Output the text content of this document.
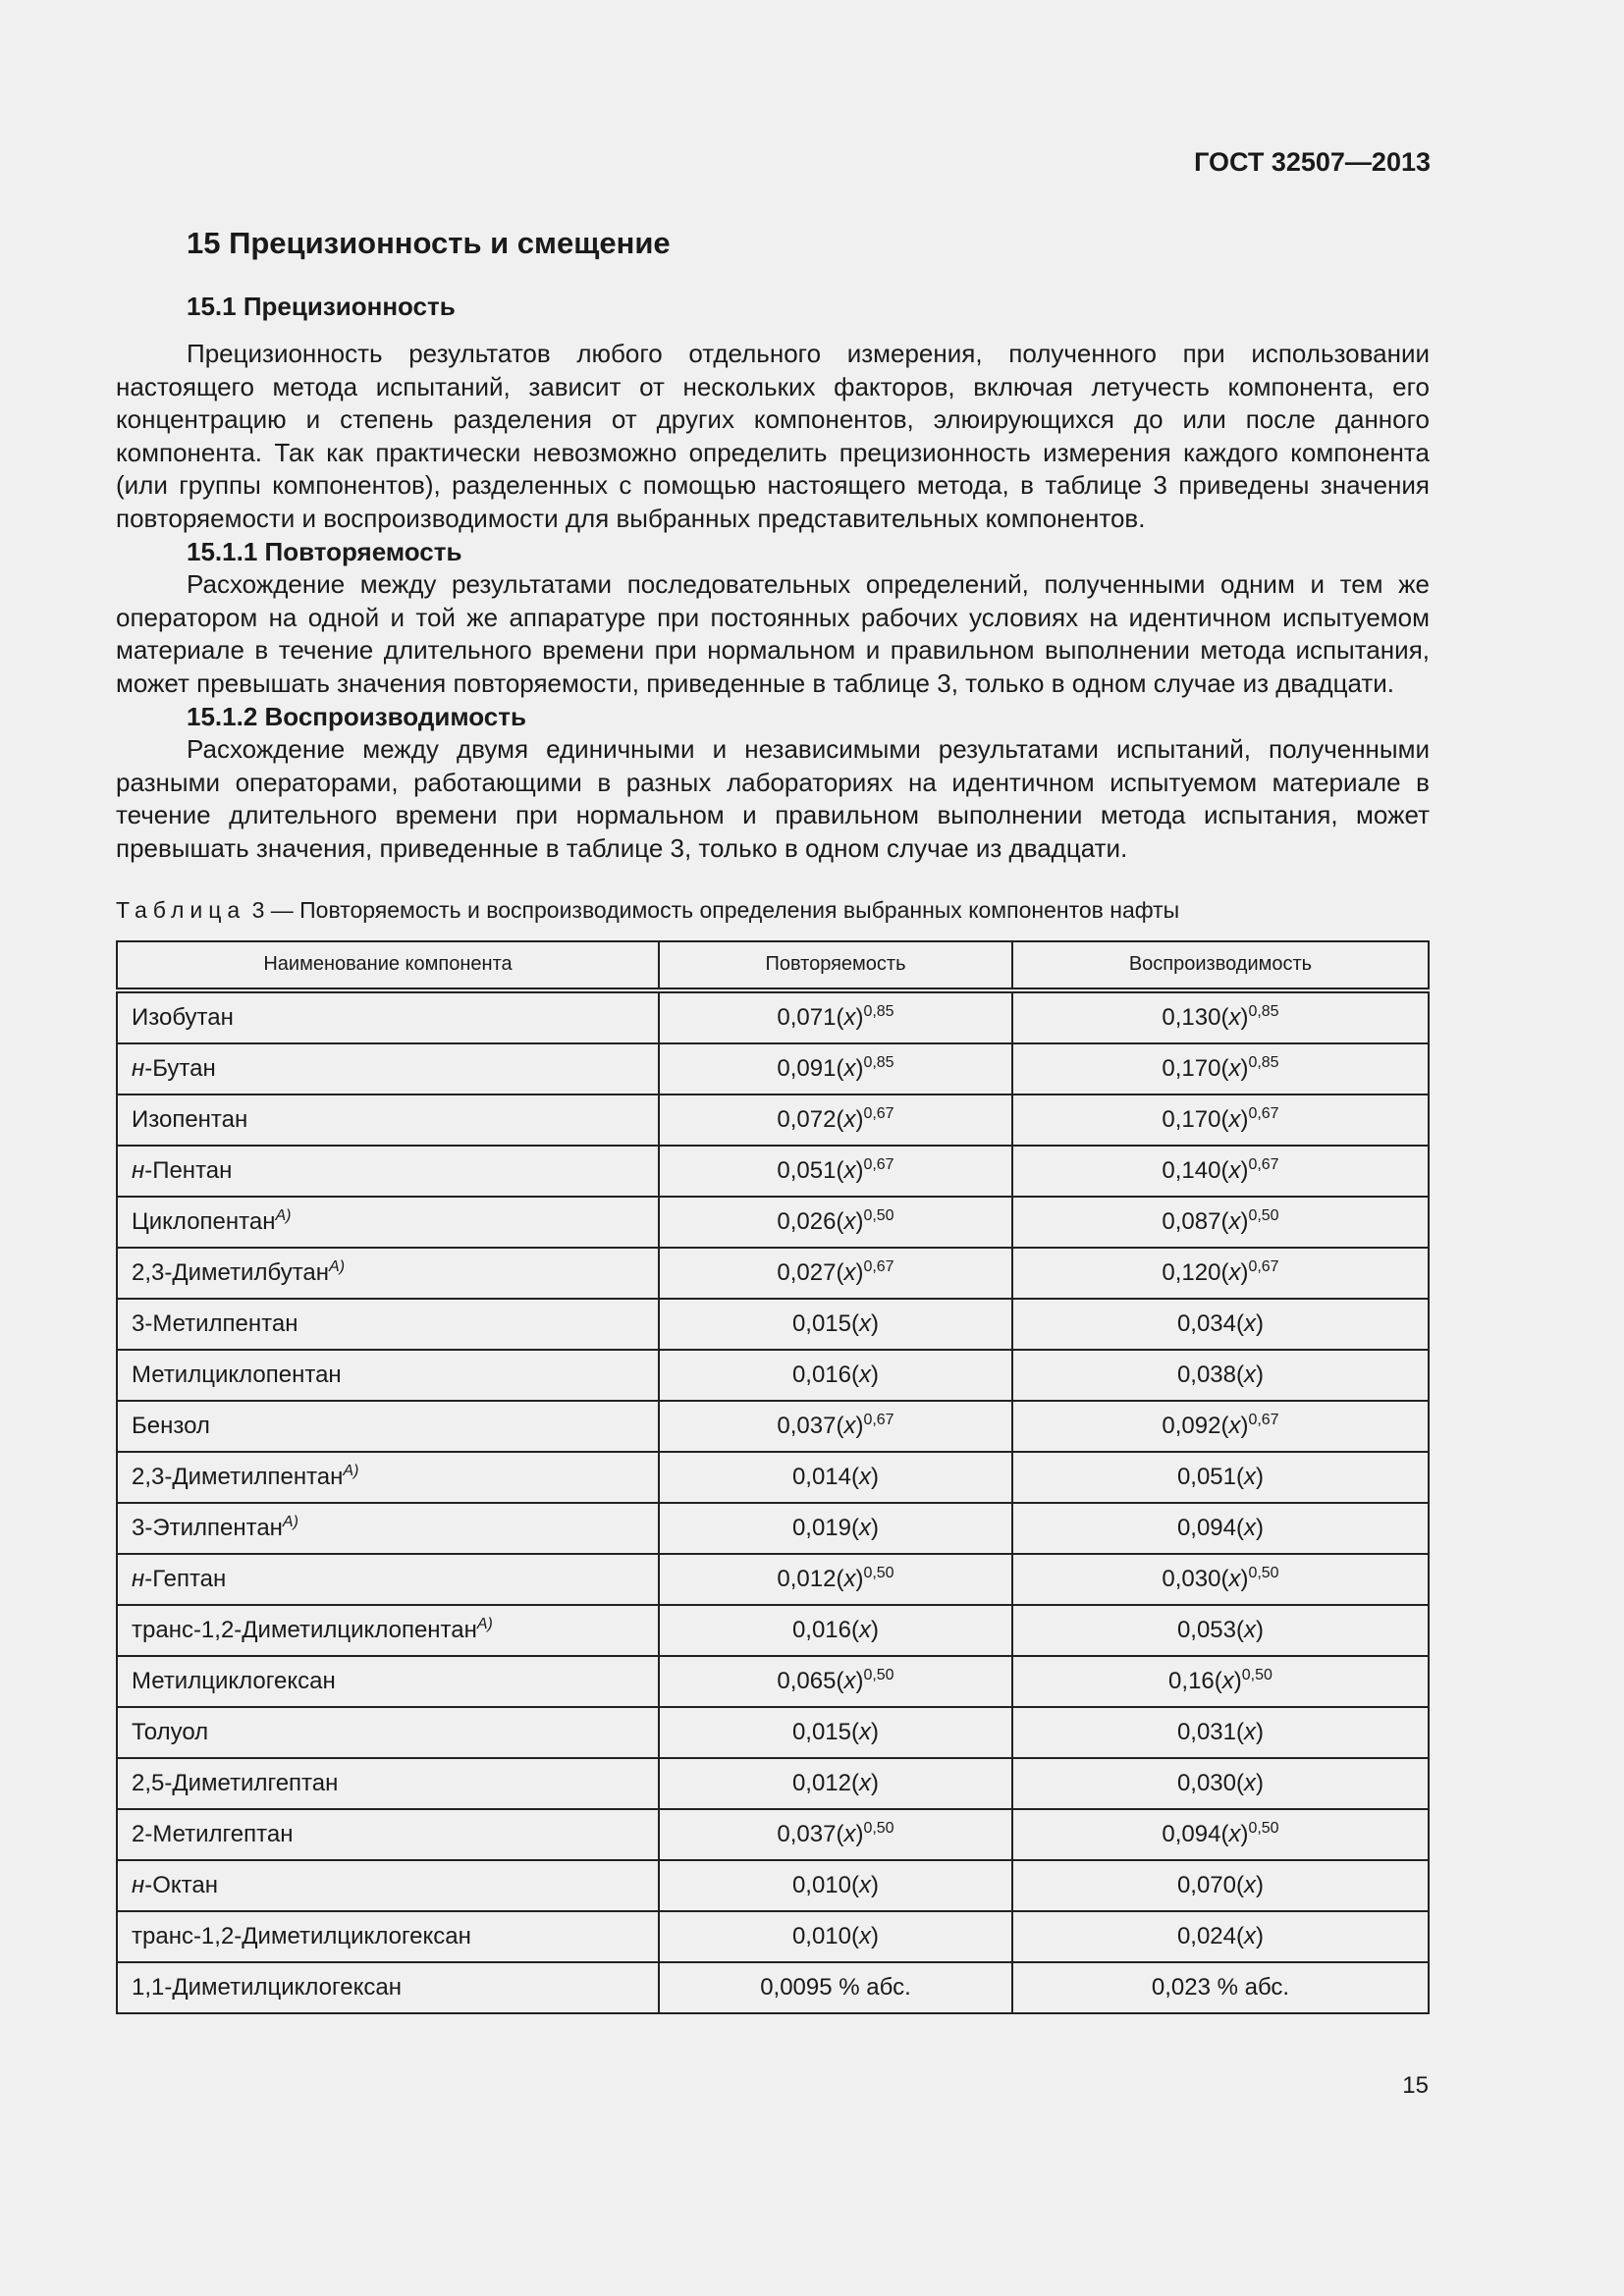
ГОСТ 32507—2013
15 Прецизионность и смещение
15.1 Прецизионность

Прецизионность результатов любого отдельного измерения, полученного при использовании настоящего метода испытаний, зависит от нескольких факторов, включая летучесть компонента, его концентрацию и степень разделения от других компонентов, элюирующихся до или после данного компонента. Так как практически невозможно определить прецизионность измерения каждого компонента (или группы компонентов), разделенных с помощью настоящего метода, в таблице 3 приведены значения повторяемости и воспроизводимости для выбранных представительных компонентов.

15.1.1 Повторяемость

Расхождение между результатами последовательных определений, полученными одним и тем же оператором на одной и той же аппаратуре при постоянных рабочих условиях на идентичном испытуемом материале в течение длительного времени при нормальном и правильном выполнении метода испытания, может превышать значения повторяемости, приведенные в таблице 3, только в одном случае из двадцати.

15.1.2 Воспроизводимость

Расхождение между двумя единичными и независимыми результатами испытаний, полученными разными операторами, работающими в разных лабораториях на идентичном испытуемом материале в течение длительного времени при нормальном и правильном выполнении метода испытания, может превышать значения, приведенные в таблице 3, только в одном случае из двадцати.

Таблица 3 — Повторяемость и воспроизводимость определения выбранных компонентов нафты
Наименование компонента	Повторяемость	Воспроизводимость
Изобутан	$0,071(x)^{0,85}$	$0,130(x)^{0,85}$
н-Бутан	$0,091(x)^{0,85}$	$0,170(x)^{0,85}$
Изопентан	$0,072(x)^{0,67}$	$0,170(x)^{0,67}$
н-Пентан	$0,051(x)^{0,67}$	$0,140(x)^{0,67}$
Циклопентан$^{А)}$	$0,026(x)^{0,50}$	$0,087(x)^{0,50}$
2,3-Диметилбутан$^{А)}$	$0,027(x)^{0,67}$	$0,120(x)^{0,67}$
3-Метилпентан	0,015(x)	0,034(x)
Метилциклопентан	0,016(x)	0,038(x)
Бензол	$0,037(x)^{0,67}$	$0,092(x)^{0,67}$
2,3-Диметилпентан$^{А)}$	0,014(x)	0,051(x)
3-Этилпентан$^{А)}$	0,019(x)	0,094(x)
н-Гептан	$0,012(x)^{0,50}$	$0,030(x)^{0,50}$
транс-1,2-Диметилциклопентан$^{А)}$	0,016(x)	0,053(x)
Метилциклогексан	$0,065(x)^{0,50}$	$0,16(x)^{0,50}$
Толуол	0,015(x)	0,031(x)
2,5-Диметилгептан	0,012(x)	0,030(x)
2-Метилгептан	$0,037(x)^{0,50}$	$0,094(x)^{0,50}$
н-Октан	0,010(x)	0,070(x)
транс-1,2-Диметилциклогексан	0,010(x)	0,024(x)
1,1-Диметилциклогексан	0,0095 % абс.	0,023 % абс.
15
